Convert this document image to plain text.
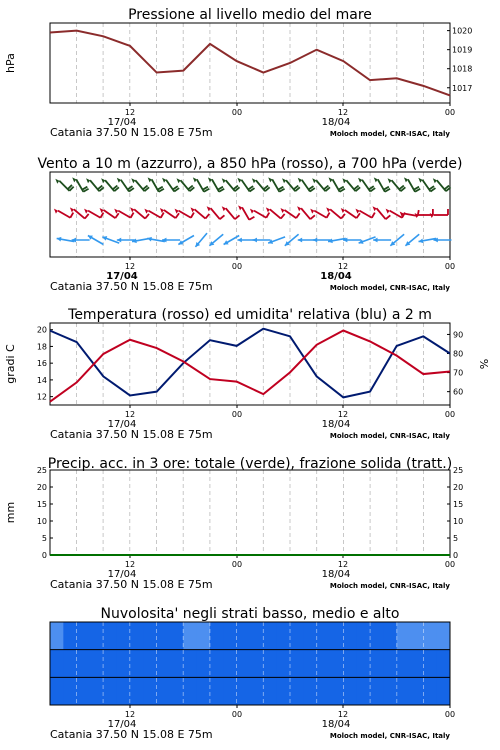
12	00	12	00
17/04	18/04
Catania 37.50 N 15.08 E 75m	Moloch model, CNR-ISAC, Italy
Pressione al livello medio del mare
1017
1018
1019
1020
hPa
12	00	12	00
17/04	18/04
Catania 37.50 N 15.08 E 75m	Moloch model, CNR-ISAC, Italy
Vento a 10 m (azzurro), a 850 hPa (rosso), a 700 hPa (verde)
12	00	12	00
17/04	18/04
Catania 37.50 N 15.08 E 75m	Moloch model, CNR-ISAC, Italy
Temperatura (rosso) ed umidita' relativa (blu) a 2 m
12
14
16
18
20
60
70
80
90
gradi C	%
12	00	12	00
17/04	18/04
Catania 37.50 N 15.08 E 75m	Moloch model, CNR-ISAC, Italy
Precip. acc. in 3 ore: totale (verde), frazione solida (tratt.)
0	0
5	5
10	10
15	15
20	20
25	25
mm
12	00	12	00
17/04	18/04
Catania 37.50 N 15.08 E 75m	Moloch model, CNR-ISAC, Italy
Nuvolosita' negli strati basso, medio e alto
